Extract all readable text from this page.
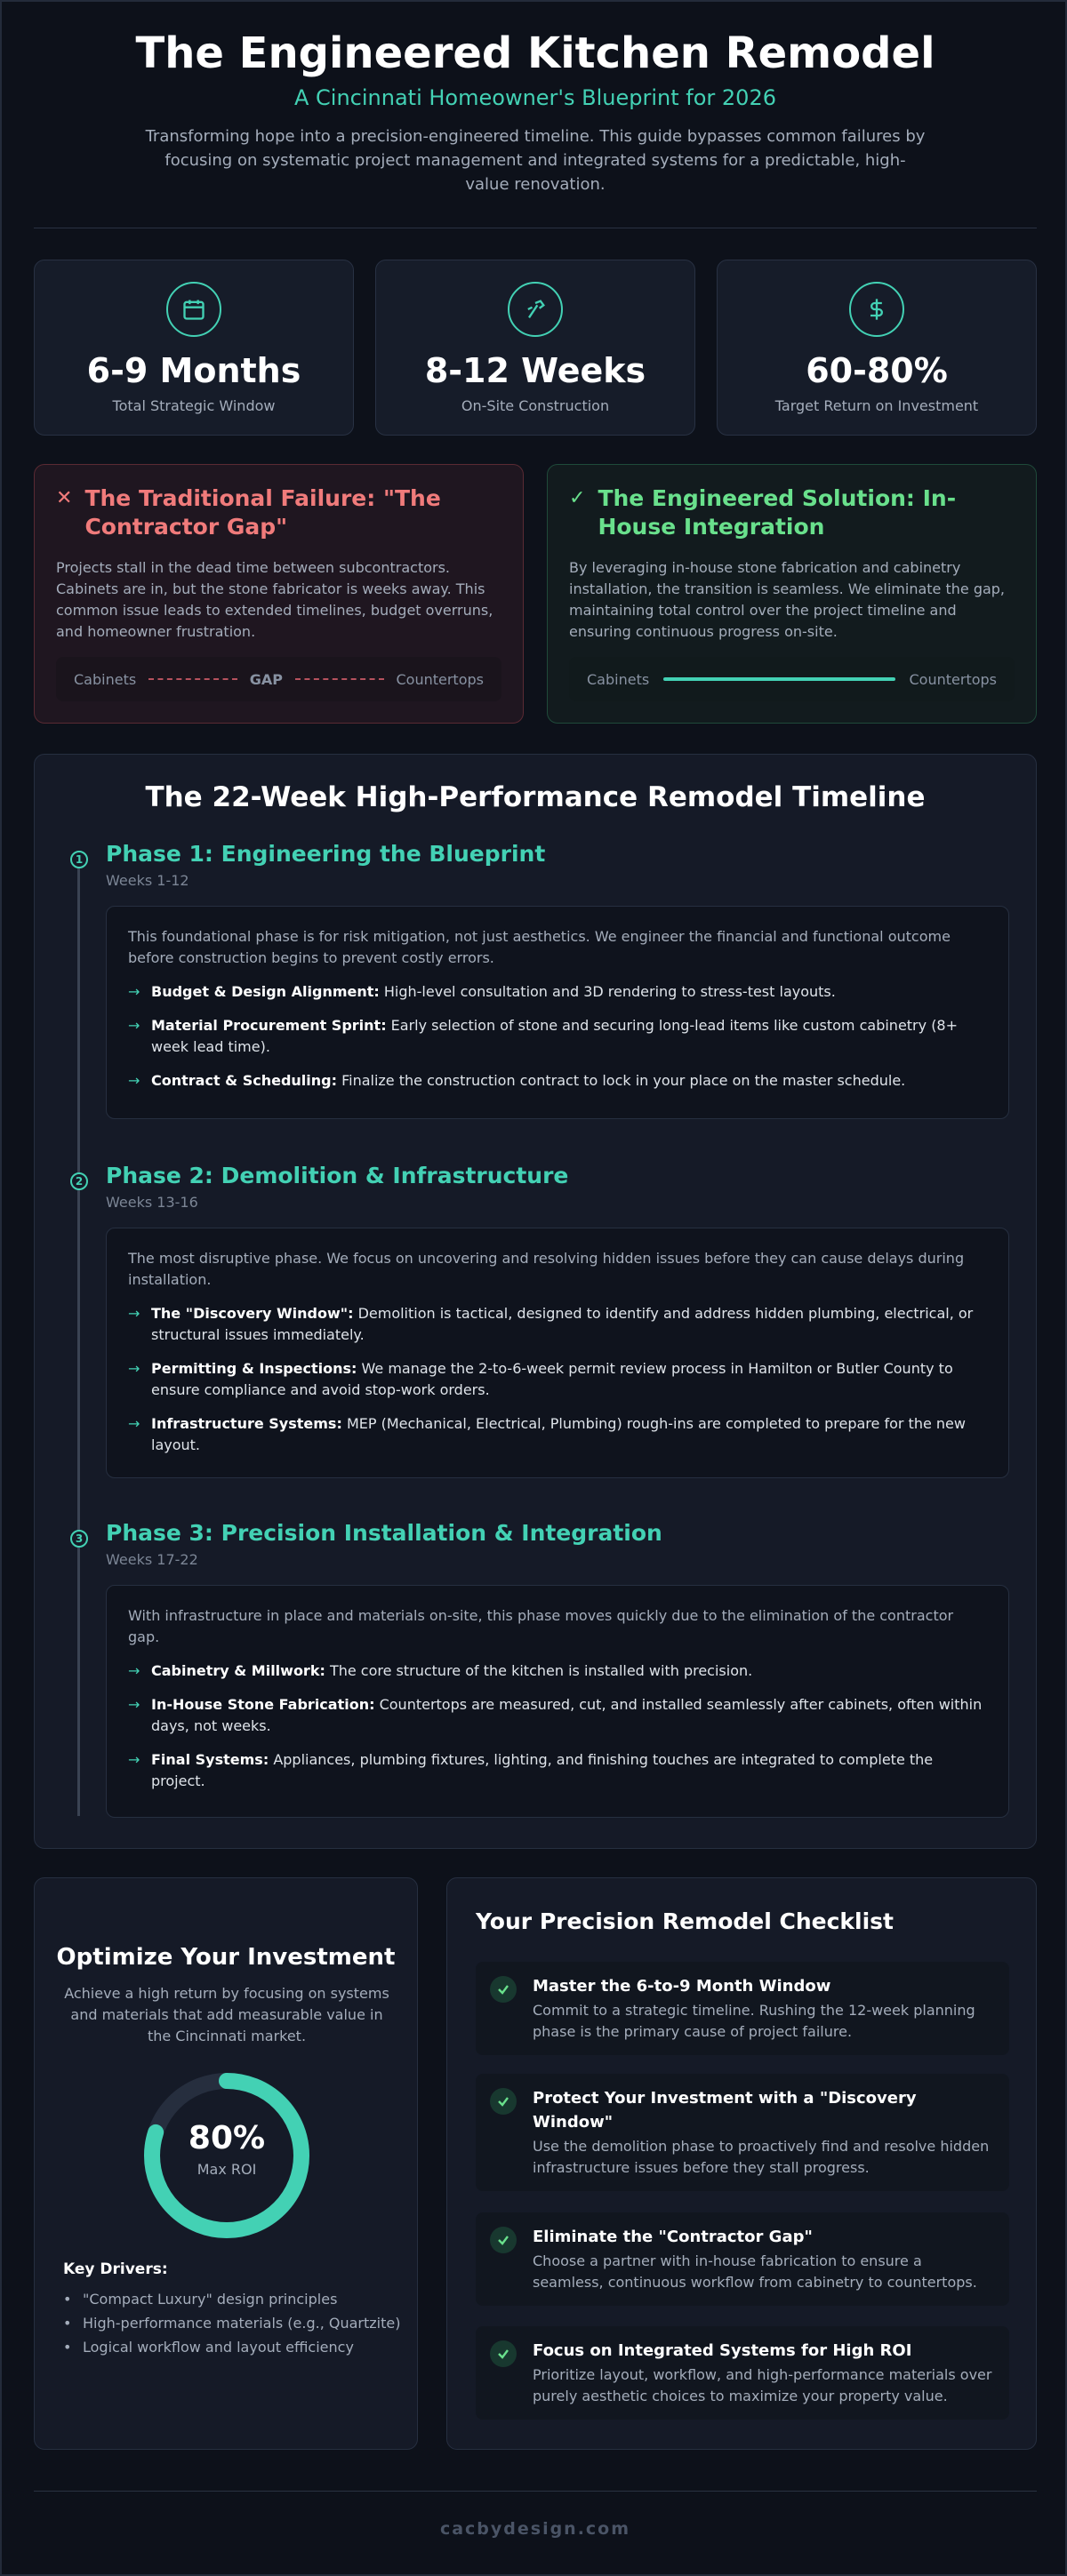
The Engineered Kitchen Remodel
A Cincinnati Homeowner's Blueprint for 2026
Transforming hope into a precision-engineered timeline. This guide bypasses common failures by focusing on systematic project management and integrated systems for a predictable, high-value renovation.
6-9 Months
Total Strategic Window
8-12 Weeks
On-Site Construction
60-80%
Target Return on Investment
✕ The Traditional Failure: "The Contractor Gap"
Projects stall in the dead time between subcontractors. Cabinets are in, but the stone fabricator is weeks away. This common issue leads to extended timelines, budget overruns, and homeowner frustration.
Cabinets	GAP	Countertops
✓ The Engineered Solution: In-House Integration
By leveraging in-house stone fabrication and cabinetry installation, the transition is seamless. We eliminate the gap, maintaining total control over the project timeline and ensuring continuous progress on-site.
Cabinets	Countertops
The 22-Week High-Performance Remodel Timeline
1 Phase 1: Engineering the Blueprint
Weeks 1-12
This foundational phase is for risk mitigation, not just aesthetics. We engineer the financial and functional outcome before construction begins to prevent costly errors.
→ Budget & Design Alignment: High-level consultation and 3D rendering to stress-test layouts.
→ Material Procurement Sprint: Early selection of stone and securing long-lead items like custom cabinetry (8+ week lead time).
→ Contract & Scheduling: Finalize the construction contract to lock in your place on the master schedule.
2 Phase 2: Demolition & Infrastructure
Weeks 13-16
The most disruptive phase. We focus on uncovering and resolving hidden issues before they can cause delays during installation.
→ The "Discovery Window": Demolition is tactical, designed to identify and address hidden plumbing, electrical, or structural issues immediately.
→ Permitting & Inspections: We manage the 2-to-6-week permit review process in Hamilton or Butler County to ensure compliance and avoid stop-work orders.
→ Infrastructure Systems: MEP (Mechanical, Electrical, Plumbing) rough-ins are completed to prepare for the new layout.
3 Phase 3: Precision Installation & Integration
Weeks 17-22
With infrastructure in place and materials on-site, this phase moves quickly due to the elimination of the contractor gap.
→ Cabinetry & Millwork: The core structure of the kitchen is installed with precision.
→ In-House Stone Fabrication: Countertops are measured, cut, and installed seamlessly after cabinets, often within days, not weeks.
→ Final Systems: Appliances, plumbing fixtures, lighting, and finishing touches are integrated to complete the project.
Optimize Your Investment
Achieve a high return by focusing on systems and materials that add measurable value in the Cincinnati market.
80%
Max ROI
Key Drivers:
• "Compact Luxury" design principles
• High-performance materials (e.g., Quartzite)
• Logical workflow and layout efficiency
Your Precision Remodel Checklist
Master the 6-to-9 Month Window
Commit to a strategic timeline. Rushing the 12-week planning phase is the primary cause of project failure.
Protect Your Investment with a "Discovery Window"
Use the demolition phase to proactively find and resolve hidden infrastructure issues before they stall progress.
Eliminate the "Contractor Gap"
Choose a partner with in-house fabrication to ensure a seamless, continuous workflow from cabinetry to countertops.
Focus on Integrated Systems for High ROI
Prioritize layout, workflow, and high-performance materials over purely aesthetic choices to maximize your property value.
cacbydesign.com
